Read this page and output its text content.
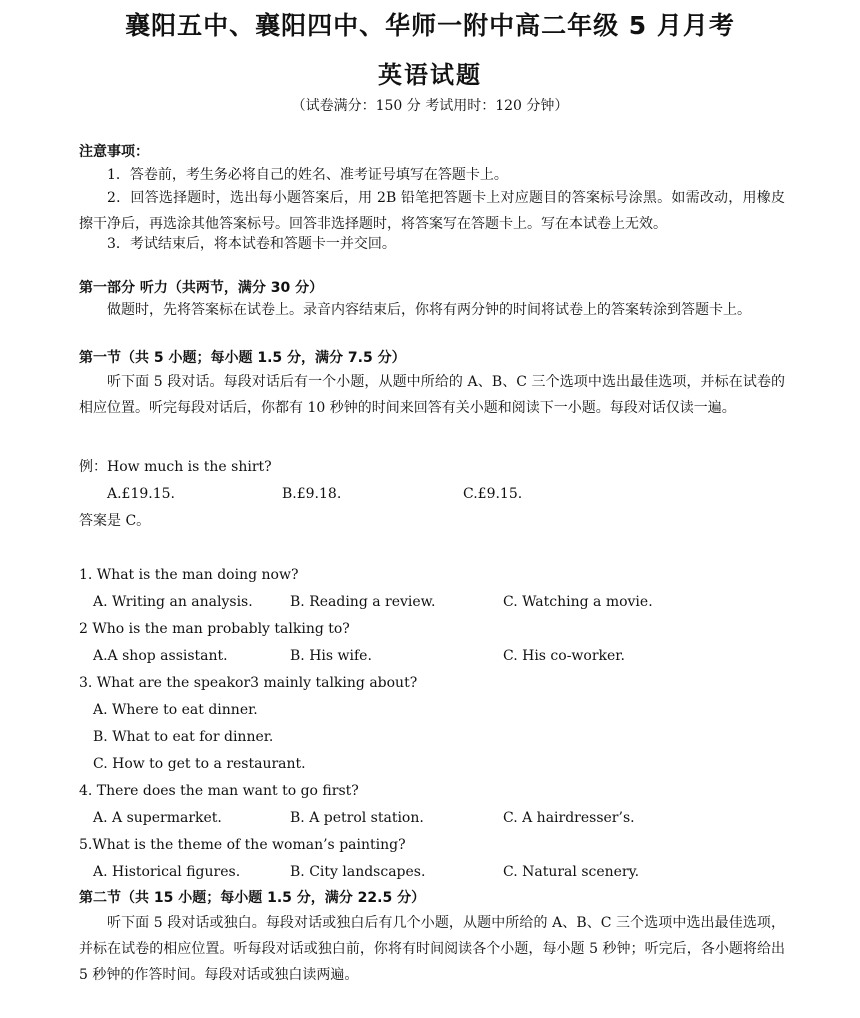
襄阳五中、襄阳四中、华师一附中高二年级 5 月月考
英语试题
（试卷满分：150 分 考试用时：120 分钟）
注意事项：
1．答卷前，考生务必将自己的姓名、准考证号填写在答题卡上。
2．回答选择题时，选出每小题答案后，用 2B 铅笔把答题卡上对应题目的答案标号涂黑。如需改动，用橡皮擦干净后，再选涂其他答案标号。回答非选择题时，将答案写在答题卡上。写在本试卷上无效。
3．考试结束后，将本试卷和答题卡一并交回。
第一部分 听力（共两节，满分 30 分）
做题时，先将答案标在试卷上。录音内容结束后，你将有两分钟的时间将试卷上的答案转涂到答题卡上。
第一节（共 5 小题；每小题 1.5 分，满分 7.5 分）
听下面 5 段对话。每段对话后有一个小题，从题中所给的 A、B、C 三个选项中选出最佳选项，并标在试卷的相应位置。听完每段对话后，你都有 10 秒钟的时间来回答有关小题和阅读下一小题。每段对话仅读一遍。
例：How much is the shirt?
A.£19.15.	B.£9.18.	C.£9.15.
答案是 C。
1. What is the man doing now?
A. Writing an analysis.	B. Reading a review.	C. Watching a movie.
2 Who is the man probably talking to?
A.A shop assistant.	B. His wife.	C. His co-worker.
3. What are the speakor3 mainly talking about?
A. Where to eat dinner.
B. What to eat for dinner.
C. How to get to a restaurant.
4. There does the man want to go first?
A. A supermarket.	B. A petrol station.	C. A hairdresser’s.
5.What is the theme of the woman’s painting?
A. Historical figures.	B. City landscapes.	C. Natural scenery.
第二节（共 15 小题；每小题 1.5 分，满分 22.5 分）
听下面 5 段对话或独白。每段对话或独白后有几个小题，从题中所给的 A、B、C 三个选项中选出最佳选项，并标在试卷的相应位置。听每段对话或独白前，你将有时间阅读各个小题，每小题 5 秒钟；听完后，各小题将给出 5 秒钟的作答时间。每段对话或独白读两遍。
